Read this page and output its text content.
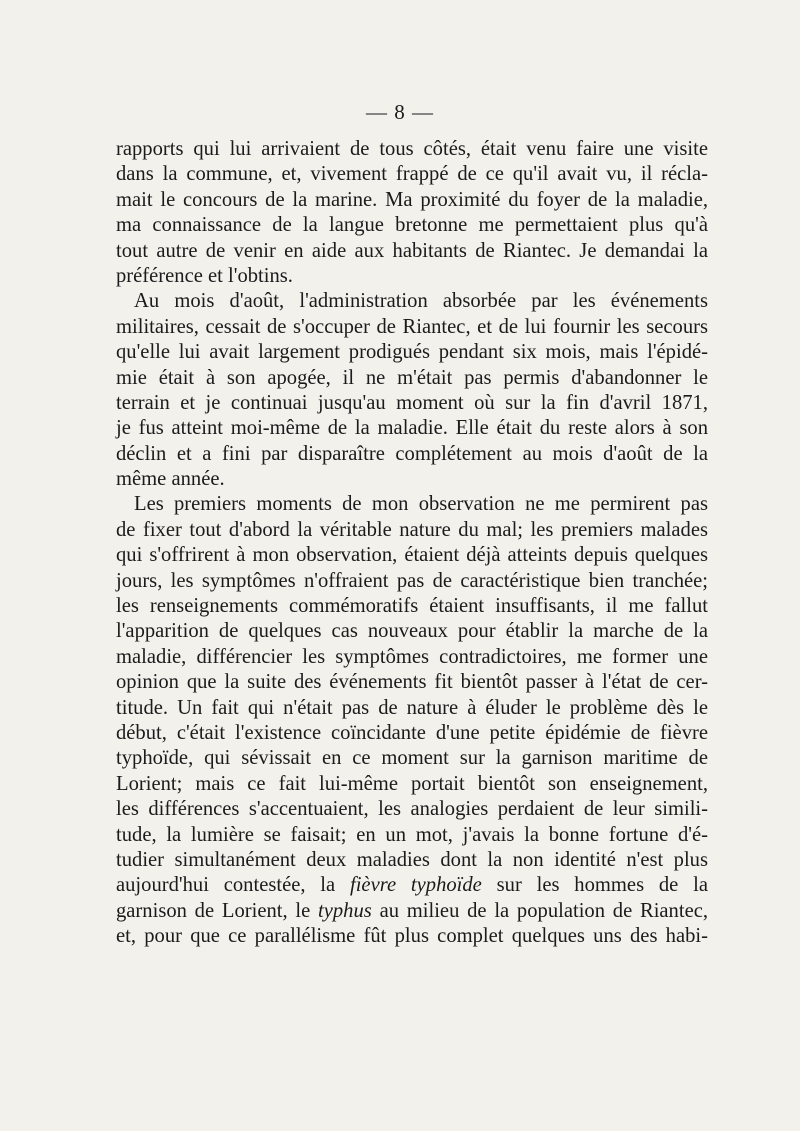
— 8 —
rapports qui lui arrivaient de tous côtés, était venu faire une visite
dans la commune, et, vivement frappé de ce qu'il avait vu, il récla-
mait le concours de la marine. Ma proximité du foyer de la maladie,
ma connaissance de la langue bretonne me permettaient plus qu'à
tout autre de venir en aide aux habitants de Riantec. Je demandai la
préférence et l'obtins.
Au mois d'août, l'administration absorbée par les événements
militaires, cessait de s'occuper de Riantec, et de lui fournir les secours
qu'elle lui avait largement prodigués pendant six mois, mais l'épidé-
mie était à son apogée, il ne m'était pas permis d'abandonner le
terrain et je continuai jusqu'au moment où sur la fin d'avril 1871,
je fus atteint moi-même de la maladie. Elle était du reste alors à son
déclin et a fini par disparaître complétement au mois d'août de la
même année.
Les premiers moments de mon observation ne me permirent pas
de fixer tout d'abord la véritable nature du mal; les premiers malades
qui s'offrirent à mon observation, étaient déjà atteints depuis quelques
jours, les symptômes n'offraient pas de caractéristique bien tranchée;
les renseignements commémoratifs étaient insuffisants, il me fallut
l'apparition de quelques cas nouveaux pour établir la marche de la
maladie, différencier les symptômes contradictoires, me former une
opinion que la suite des événements fit bientôt passer à l'état de cer-
titude. Un fait qui n'était pas de nature à éluder le problème dès le
début, c'était l'existence coïncidante d'une petite épidémie de fièvre
typhoïde, qui sévissait en ce moment sur la garnison maritime de
Lorient; mais ce fait lui-même portait bientôt son enseignement,
les différences s'accentuaient, les analogies perdaient de leur simili-
tude, la lumière se faisait; en un mot, j'avais la bonne fortune d'é-
tudier simultanément deux maladies dont la non identité n'est plus
aujourd'hui contestée, la fièvre typhoïde sur les hommes de la
garnison de Lorient, le typhus au milieu de la population de Riantec,
et, pour que ce parallélisme fût plus complet quelques uns des habi-
